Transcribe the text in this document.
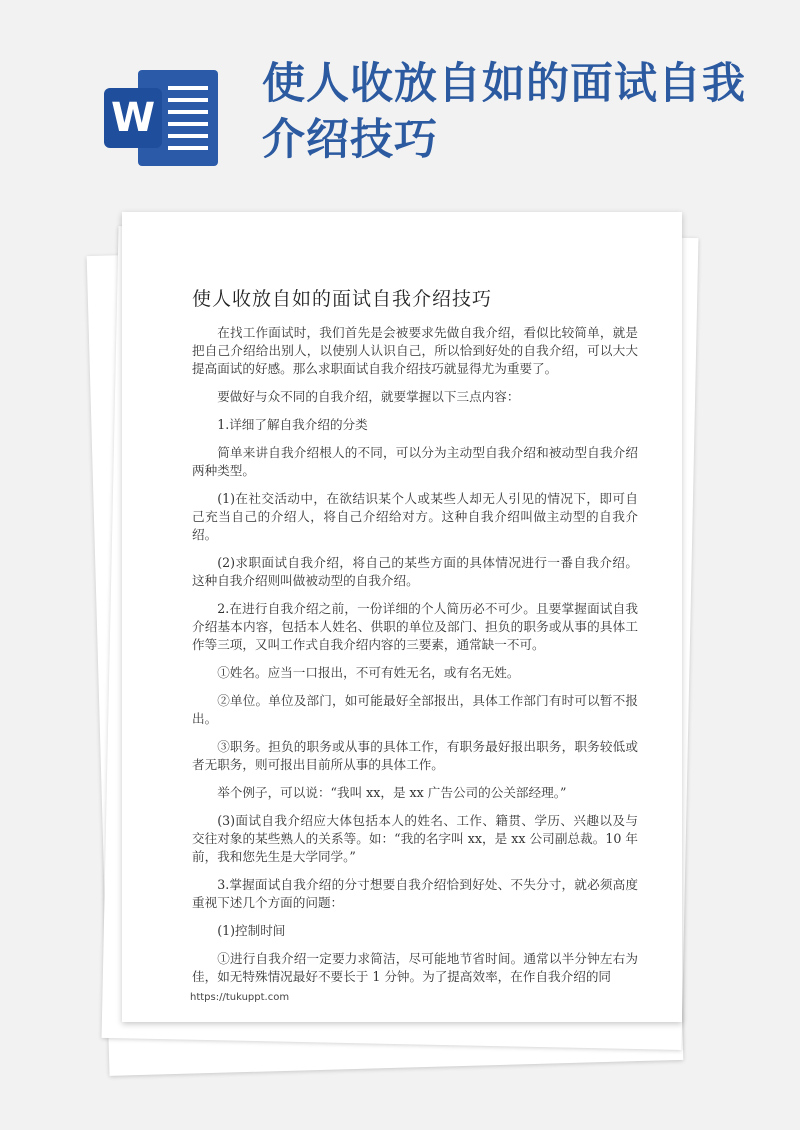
W
使人收放自如的面试自我介绍技巧
使人收放自如的面试自我介绍技巧

在找工作面试时，我们首先是会被要求先做自我介绍，看似比较简单，就是把自己介绍给出别人，以使别人认识自己，所以恰到好处的自我介绍，可以大大提高面试的好感。那么求职面试自我介绍技巧就显得尤为重要了。

要做好与众不同的自我介绍，就要掌握以下三点内容：

1.详细了解自我介绍的分类

简单来讲自我介绍根人的不同，可以分为主动型自我介绍和被动型自我介绍两种类型。

(1)在社交活动中，在欲结识某个人或某些人却无人引见的情况下，即可自己充当自己的介绍人，将自己介绍给对方。这种自我介绍叫做主动型的自我介绍。

(2)求职面试自我介绍，将自己的某些方面的具体情况进行一番自我介绍。这种自我介绍则叫做被动型的自我介绍。

2.在进行自我介绍之前，一份详细的个人简历必不可少。且要掌握面试自我介绍基本内容，包括本人姓名、供职的单位及部门、担负的职务或从事的具体工作等三项，又叫工作式自我介绍内容的三要素，通常缺一不可。

①姓名。应当一口报出，不可有姓无名，或有名无姓。

②单位。单位及部门，如可能最好全部报出，具体工作部门有时可以暂不报出。

③职务。担负的职务或从事的具体工作，有职务最好报出职务，职务较低或者无职务，则可报出目前所从事的具体工作。

举个例子，可以说：“我叫 xx，是 xx 广告公司的公关部经理。”

(3)面试自我介绍应大体包括本人的姓名、工作、籍贯、学历、兴趣以及与交往对象的某些熟人的关系等。如：“我的名字叫 xx，是 xx 公司副总裁。10 年前，我和您先生是大学同学。”

3.掌握面试自我介绍的分寸想要自我介绍恰到好处、不失分寸，就必须高度重视下述几个方面的问题：

(1)控制时间

①进行自我介绍一定要力求简洁，尽可能地节省时间。通常以半分钟左右为佳，如无特殊情况最好不要长于 1 分钟。为了提高效率，在作自我介绍的同

https://tukuppt.com
